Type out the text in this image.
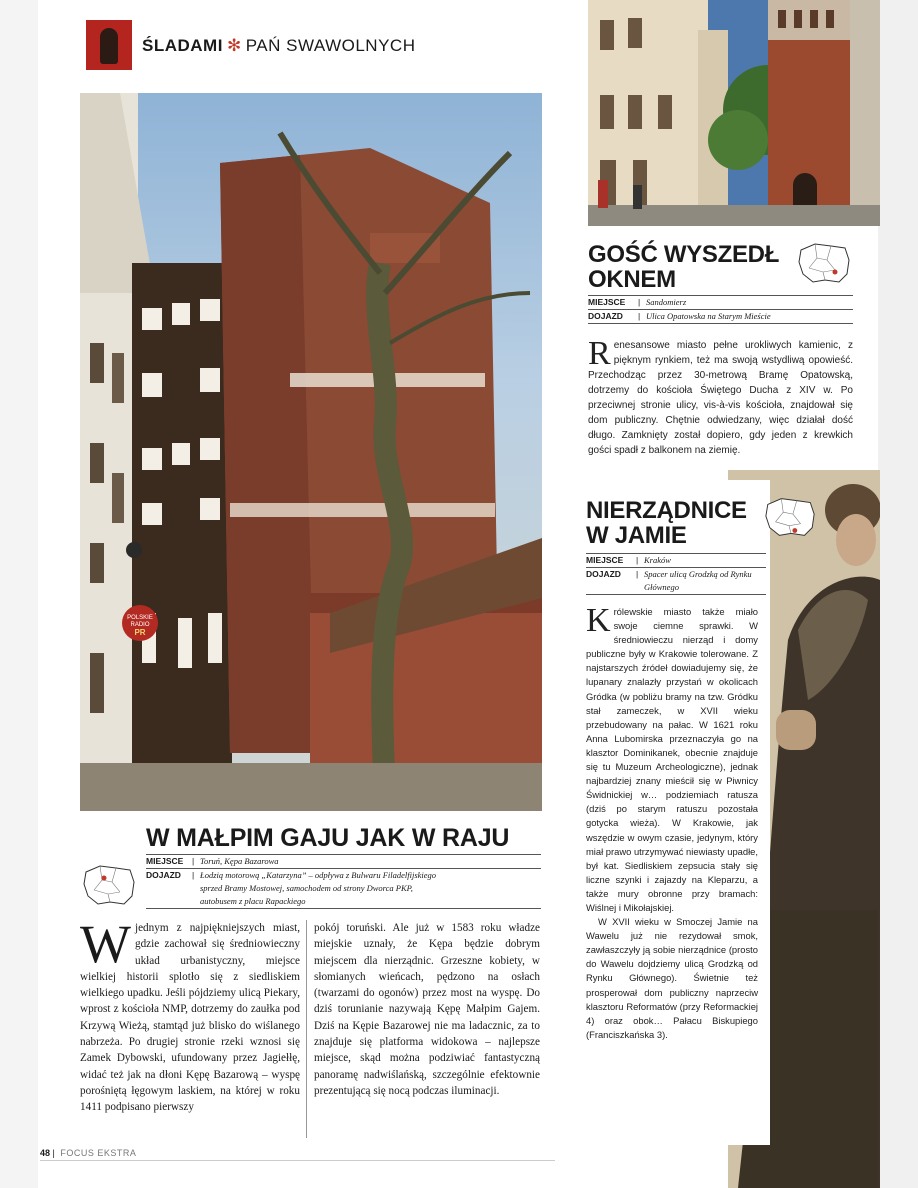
ŚLADAMI ✻ PAŃ SWAWOLNYCH
POLSKIE
RADIO
PR
GOŚĆ WYSZEDŁ
OKNEM
MIEJSCE	| Sandomierz
DOJAZD	| Ulica Opatowska na Starym Mieście
Renesansowe miasto pełne urokliwych kamienic, z pięknym rynkiem, też ma swoją wstydliwą opowieść. Przechodząc przez 30-metrową Bramę Opatowską, dotrzemy do kościoła Świętego Ducha z XIV w. Po przeciwnej stronie ulicy, vis-à-vis kościoła, znajdował się dom publiczny. Chętnie odwiedzany, więc działał dość długo. Zamknięty został dopiero, gdy jeden z krewkich gości spadł z balkonem na ziemię.
NIERZĄDNICE
W JAMIE
MIEJSCE	| Kraków
DOJAZD	| Spacer ulicą Grodzką od Rynku Głównego
Królewskie miasto także miało swoje ciemne sprawki. W średniowieczu nierząd i domy publiczne były w Krakowie tolerowane. Z najstarszych źródeł dowiadujemy się, że lupanary znalazły przystań w okolicach Gródka (w pobliżu bramy na tzw. Gródku stał zameczek, w XVII wieku przebudowany na pałac. W 1621 roku Anna Lubomirska przeznaczyła go na klasztor Dominikanek, obecnie znajduje się tu Muzeum Archeologiczne), jednak najbardziej znany mieścił się w Piwnicy Świdnickiej w… podziemiach ratusza (dziś po starym ratuszu pozostała gotycka wieża). W Krakowie, jak wszędzie w owym czasie, jedynym, który miał prawo utrzymywać niewiasty upadłe, był kat. Siedliskiem zepsucia stały się liczne szynki i zajazdy na Kleparzu, a także mury obronne przy bramach: Wiślnej i Mikołajskiej.
W XVII wieku w Smoczej Jamie na Wawelu już nie rezydował smok, zawłaszczyły ją sobie nierządnice (prosto do Wawelu dojdziemy ulicą Grodzką od Rynku Głównego). Świetnie też prosperował dom publiczny naprzeciw klasztoru Reformatów (przy Reformackiej 4) oraz obok… Pałacu Biskupiego (Franciszkańska 3).
W MAŁPIM GAJU JAK W RAJU
MIEJSCE	| Toruń, Kępa Bazarowa
DOJAZD	| Łodzią motorową „Katarzyna” – odpływa z Bulwaru Filadelfijskiego sprzed Bramy Mostowej, samochodem od strony Dworca PKP, autobusem z placu Rapackiego
Wjednym z najpiękniejszych miast, gdzie zachował się średniowieczny układ urbanistyczny, miejsce wielkiej historii splotło się z siedliskiem wielkiego upadku. Jeśli pójdziemy ulicą Piekary, wprost z kościoła NMP, dotrzemy do zaułka pod Krzywą Wieżą, stamtąd już blisko do wiślanego nabrzeża. Po drugiej stronie rzeki wznosi się Zamek Dybowski, ufundowany przez Jagiełłę, widać też jak na dłoni Kępę Bazarową – wyspę porośniętą łęgowym laskiem, na której w roku 1411 podpisano pierwszy
pokój toruński. Ale już w 1583 roku władze miejskie uznały, że Kępa będzie dobrym miejscem dla nierządnic. Grzeszne kobiety, w słomianych wieńcach, pędzono na osłach (twarzami do ogonów) przez most na wyspę. Do dziś torunianie nazywają Kępę Małpim Gajem. Dziś na Kępie Bazarowej nie ma ladacznic, za to znajduje się platforma widokowa – najlepsze miejsce, skąd można podziwiać fantastyczną panoramę nadwiślańską, szczególnie efektownie prezentującą się nocą podczas iluminacji.
48 | FOCUS EKSTRA
